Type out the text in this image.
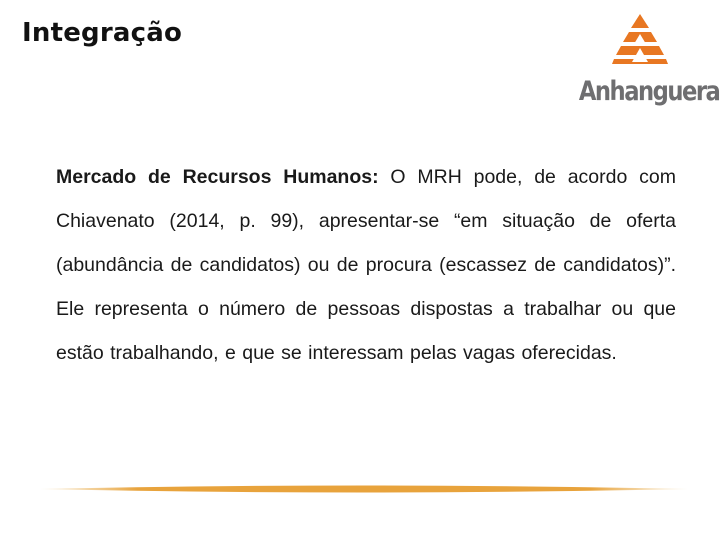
Integração
Anhanguera
Mercado de Recursos Humanos: O MRH pode, de acordo com Chiavenato (2014, p. 99), apresentar-se “em situação de oferta (abundância de candidatos) ou de procura (escassez de candidatos)”. Ele representa o número de pessoas dispostas a trabalhar ou que estão trabalhando, e que se interessam pelas vagas oferecidas.
